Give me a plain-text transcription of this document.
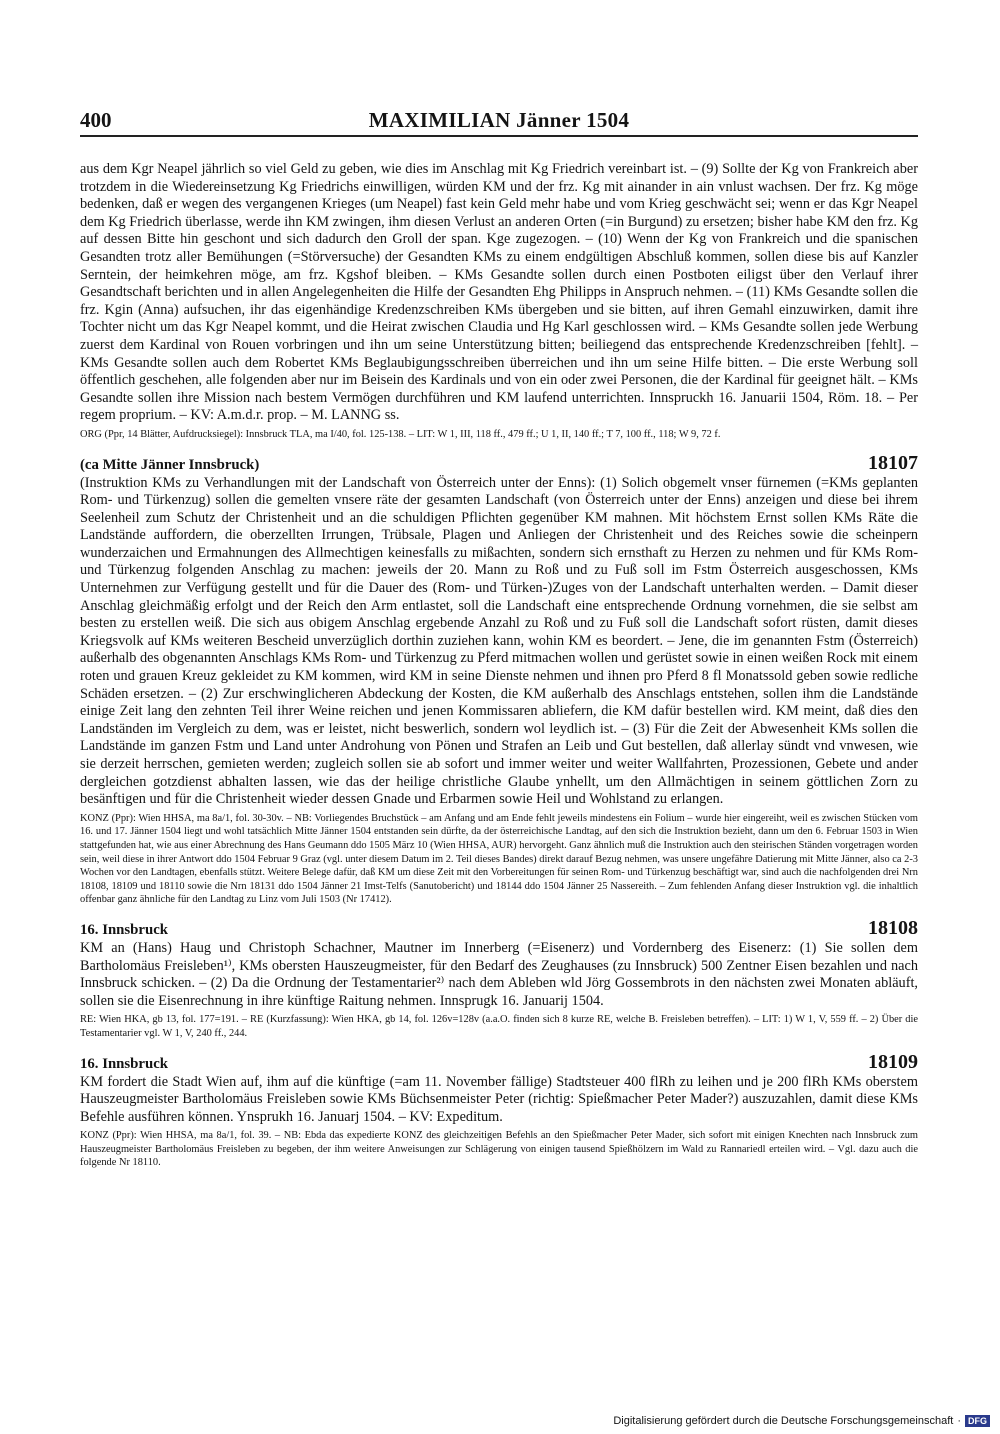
400	MAXIMILIAN Jänner 1504

aus dem Kgr Neapel jährlich so viel Geld zu geben, wie dies im Anschlag mit Kg Friedrich vereinbart ist. – (9) Sollte der Kg von Frankreich aber trotzdem in die Wiedereinsetzung Kg Friedrichs einwilligen, würden KM und der frz. Kg mit ainander in ain vnlust wachsen. Der frz. Kg möge bedenken, daß er wegen des vergangenen Krieges (um Neapel) fast kein Geld mehr habe und vom Krieg geschwächt sei; wenn er das Kgr Neapel dem Kg Friedrich überlasse, werde ihn KM zwingen, ihm diesen Verlust an anderen Orten (=in Burgund) zu ersetzen; bisher habe KM den frz. Kg auf dessen Bitte hin geschont und sich dadurch den Groll der span. Kge zugezogen. – (10) Wenn der Kg von Frankreich und die spanischen Gesandten trotz aller Bemühungen (=Störversuche) der Gesandten KMs zu einem endgültigen Abschluß kommen, sollen diese bis auf Kanzler Serntein, der heimkehren möge, am frz. Kgshof bleiben. – KMs Gesandte sollen durch einen Postboten eiligst über den Verlauf ihrer Gesandtschaft berichten und in allen Angelegenheiten die Hilfe der Gesandten Ehg Philipps in Anspruch nehmen. – (11) KMs Gesandte sollen die frz. Kgin (Anna) aufsuchen, ihr das eigenhändige Kredenzschreiben KMs übergeben und sie bitten, auf ihren Gemahl einzuwirken, damit ihre Tochter nicht um das Kgr Neapel kommt, und die Heirat zwischen Claudia und Hg Karl geschlossen wird. – KMs Gesandte sollen jede Werbung zuerst dem Kardinal von Rouen vorbringen und ihn um seine Unterstützung bitten; beiliegend das entsprechende Kredenzschreiben [fehlt]. – KMs Gesandte sollen auch dem Robertet KMs Beglaubigungsschreiben überreichen und ihn um seine Hilfe bitten. – Die erste Werbung soll öffentlich geschehen, alle folgenden aber nur im Beisein des Kardinals und von ein oder zwei Personen, die der Kardinal für geeignet hält. – KMs Gesandte sollen ihre Mission nach bestem Vermögen durchführen und KM laufend unterrichten. Innspruckh 16. Januarii 1504, Röm. 18. – Per regem proprium. – KV: A.m.d.r. prop. – M. LANNG ss.

ORG (Ppr, 14 Blätter, Aufdrucksiegel): Innsbruck TLA, ma I/40, fol. 125-138. – LIT: W 1, III, 118 ff., 479 ff.; U 1, II, 140 ff.; T 7, 100 ff., 118; W 9, 72 f.

(ca Mitte Jänner Innsbruck)	18107

(Instruktion KMs zu Verhandlungen mit der Landschaft von Österreich unter der Enns): (1) Solich obgemelt vnser fürnemen (=KMs geplanten Rom- und Türkenzug) sollen die gemelten vnsere räte der gesamten Landschaft (von Österreich unter der Enns) anzeigen und diese bei ihrem Seelenheil zum Schutz der Christenheit und an die schuldigen Pflichten gegenüber KM mahnen. Mit höchstem Ernst sollen KMs Räte die Landstände auffordern, die oberzellten Irrungen, Trübsale, Plagen und Anliegen der Christenheit und des Reiches sowie die scheinpern wunderzaichen und Ermahnungen des Allmechtigen keinesfalls zu mißachten, sondern sich ernsthaft zu Herzen zu nehmen und für KMs Rom- und Türkenzug folgenden Anschlag zu machen: jeweils der 20. Mann zu Roß und zu Fuß soll im Fstm Österreich ausgeschossen, KMs Unternehmen zur Verfügung gestellt und für die Dauer des (Rom- und Türken-)Zuges von der Landschaft unterhalten werden. – Damit dieser Anschlag gleichmäßig erfolgt und der Reich den Arm entlastet, soll die Landschaft eine entsprechende Ordnung vornehmen, die sie selbst am besten zu erstellen weiß. Die sich aus obigem Anschlag ergebende Anzahl zu Roß und zu Fuß soll die Landschaft sofort rüsten, damit dieses Kriegsvolk auf KMs weiteren Bescheid unverzüglich dorthin zuziehen kann, wohin KM es beordert. – Jene, die im genannten Fstm (Österreich) außerhalb des obgenannten Anschlags KMs Rom- und Türkenzug zu Pferd mitmachen wollen und gerüstet sowie in einen weißen Rock mit einem roten und grauen Kreuz gekleidet zu KM kommen, wird KM in seine Dienste nehmen und ihnen pro Pferd 8 fl Monatssold geben sowie redliche Schäden ersetzen. – (2) Zur erschwinglicheren Abdeckung der Kosten, die KM außerhalb des Anschlags entstehen, sollen ihm die Landstände einige Zeit lang den zehnten Teil ihrer Weine reichen und jenen Kommissaren abliefern, die KM dafür bestellen wird. KM meint, daß dies den Landständen im Vergleich zu dem, was er leistet, nicht beswerlich, sondern wol leydlich ist. – (3) Für die Zeit der Abwesenheit KMs sollen die Landstände im ganzen Fstm und Land unter Androhung von Pönen und Strafen an Leib und Gut bestellen, daß allerlay sündt vnd vnwesen, wie sie derzeit herrschen, gemieten werden; zugleich sollen sie ab sofort und immer weiter und weiter Wallfahrten, Prozessionen, Gebete und ander dergleichen gotzdienst abhalten lassen, wie das der heilige christliche Glaube ynhellt, um den Allmächtigen in seinem göttlichen Zorn zu besänftigen und für die Christenheit wieder dessen Gnade und Erbarmen sowie Heil und Wohlstand zu erlangen.

KONZ (Ppr): Wien HHSA, ma 8a/1, fol. 30-30v. – NB: Vorliegendes Bruchstück – am Anfang und am Ende fehlt jeweils mindestens ein Folium – wurde hier eingereiht, weil es zwischen Stücken vom 16. und 17. Jänner 1504 liegt und wohl tatsächlich Mitte Jänner 1504 entstanden sein dürfte, da der österreichische Landtag, auf den sich die Instruktion bezieht, dann um den 6. Februar 1503 in Wien stattgefunden hat, wie aus einer Abrechnung des Hans Geumann ddo 1505 März 10 (Wien HHSA, AUR) hervorgeht. Ganz ähnlich muß die Instruktion auch den steirischen Ständen vorgetragen worden sein, weil diese in ihrer Antwort ddo 1504 Februar 9 Graz (vgl. unter diesem Datum im 2. Teil dieses Bandes) direkt darauf Bezug nehmen, was unsere ungefähre Datierung mit Mitte Jänner, also ca 2-3 Wochen vor den Landtagen, ebenfalls stützt. Weitere Belege dafür, daß KM um diese Zeit mit den Vorbereitungen für seinen Rom- und Türkenzug beschäftigt war, sind auch die nachfolgenden drei Nrn 18108, 18109 und 18110 sowie die Nrn 18131 ddo 1504 Jänner 21 Imst-Telfs (Sanutobericht) und 18144 ddo 1504 Jänner 25 Nassereith. – Zum fehlenden Anfang dieser Instruktion vgl. die inhaltlich offenbar ganz ähnliche für den Landtag zu Linz vom Juli 1503 (Nr 17412).

16. Innsbruck	18108

KM an (Hans) Haug und Christoph Schachner, Mautner im Innerberg (=Eisenerz) und Vordernberg des Eisenerz: (1) Sie sollen dem Bartholomäus Freisleben¹⁾, KMs obersten Hauszeugmeister, für den Bedarf des Zeughauses (zu Innsbruck) 500 Zentner Eisen bezahlen und nach Innsbruck schicken. – (2) Da die Ordnung der Testamentarier²⁾ nach dem Ableben wld Jörg Gossembrots in den nächsten zwei Monaten abläuft, sollen sie die Eisenrechnung in ihre künftige Raitung nehmen. Innsprugk 16. Januarij 1504.

RE: Wien HKA, gb 13, fol. 177=191. – RE (Kurzfassung): Wien HKA, gb 14, fol. 126v=128v (a.a.O. finden sich 8 kurze RE, welche B. Freisleben betreffen). – LIT: 1) W 1, V, 559 ff. – 2) Über die Testamentarier vgl. W 1, V, 240 ff., 244.

16. Innsbruck	18109

KM fordert die Stadt Wien auf, ihm auf die künftige (=am 11. November fällige) Stadtsteuer 400 flRh zu leihen und je 200 flRh KMs oberstem Hauszeugmeister Bartholomäus Freisleben sowie KMs Büchsenmeister Peter (richtig: Spießmacher Peter Mader?) auszuzahlen, damit diese KMs Befehle ausführen können. Ynsprukh 16. Januarj 1504. – KV: Expeditum.

KONZ (Ppr): Wien HHSA, ma 8a/1, fol. 39. – NB: Ebda das expedierte KONZ des gleichzeitigen Befehls an den Spießmacher Peter Mader, sich sofort mit einigen Knechten nach Innsbruck zum Hauszeugmeister Bartholomäus Freisleben zu begeben, der ihm weitere Anweisungen zur Schlägerung von einigen tausend Spießhölzern im Wald zu Rannariedl erteilen wird. – Vgl. dazu auch die folgende Nr 18110.

Digitalisierung gefördert durch die Deutsche Forschungsgemeinschaft · DFG
